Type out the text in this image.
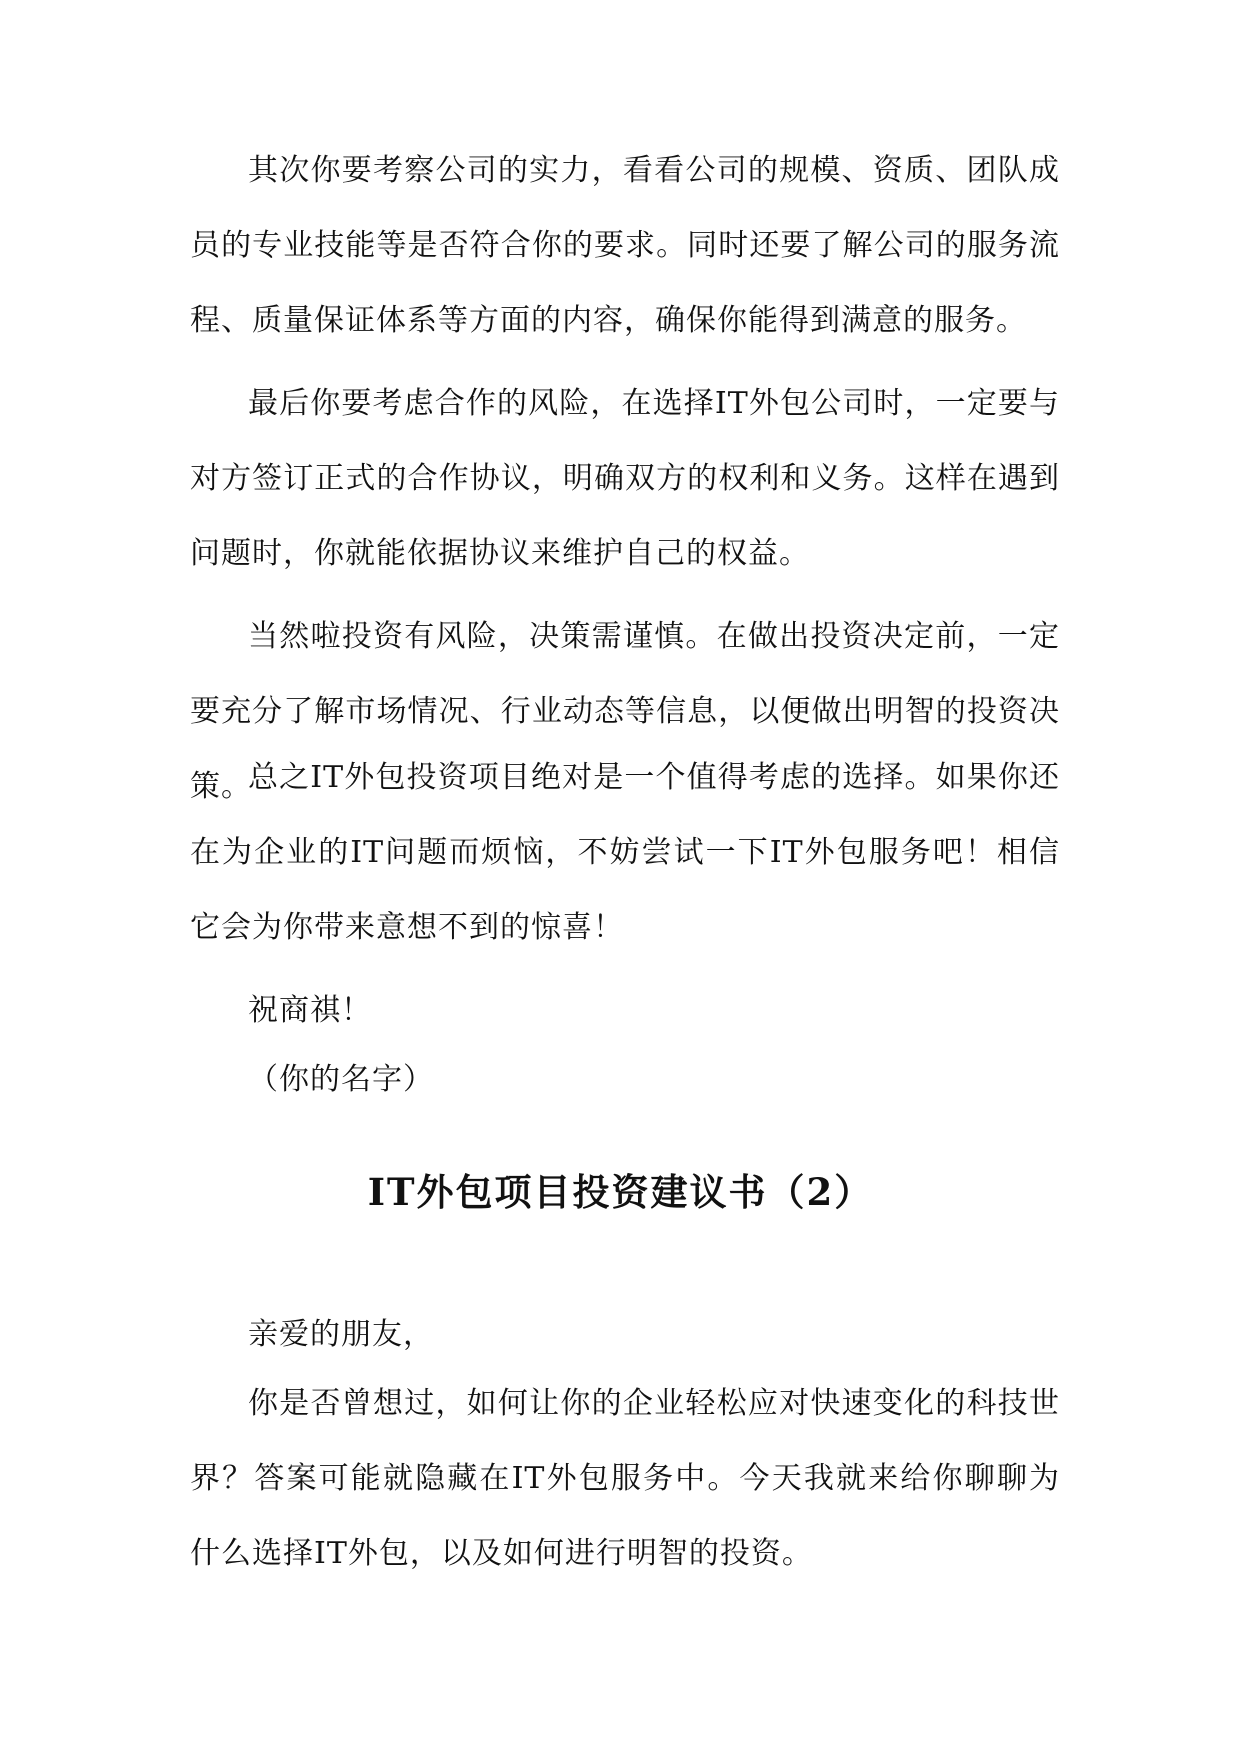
其次你要考察公司的实力，看看公司的规模、资质、团队成员的专业技能等是否符合你的要求。同时还要了解公司的服务流程、质量保证体系等方面的内容，确保你能得到满意的服务。

最后你要考虑合作的风险，在选择IT外包公司时，一定要与对方签订正式的合作协议，明确双方的权利和义务。这样在遇到问题时，你就能依据协议来维护自己的权益。

当然啦投资有风险，决策需谨慎。在做出投资决定前，一定要充分了解市场情况、行业动态等信息，以便做出明智的投资决策。

总之IT外包投资项目绝对是一个值得考虑的选择。如果你还在为企业的IT问题而烦恼，不妨尝试一下IT外包服务吧！相信它会为你带来意想不到的惊喜！

祝商祺！

（你的名字）

IT外包项目投资建议书（2）

亲爱的朋友，

你是否曾想过，如何让你的企业轻松应对快速变化的科技世界？答案可能就隐藏在IT外包服务中。今天我就来给你聊聊为什么选择IT外包，以及如何进行明智的投资。
